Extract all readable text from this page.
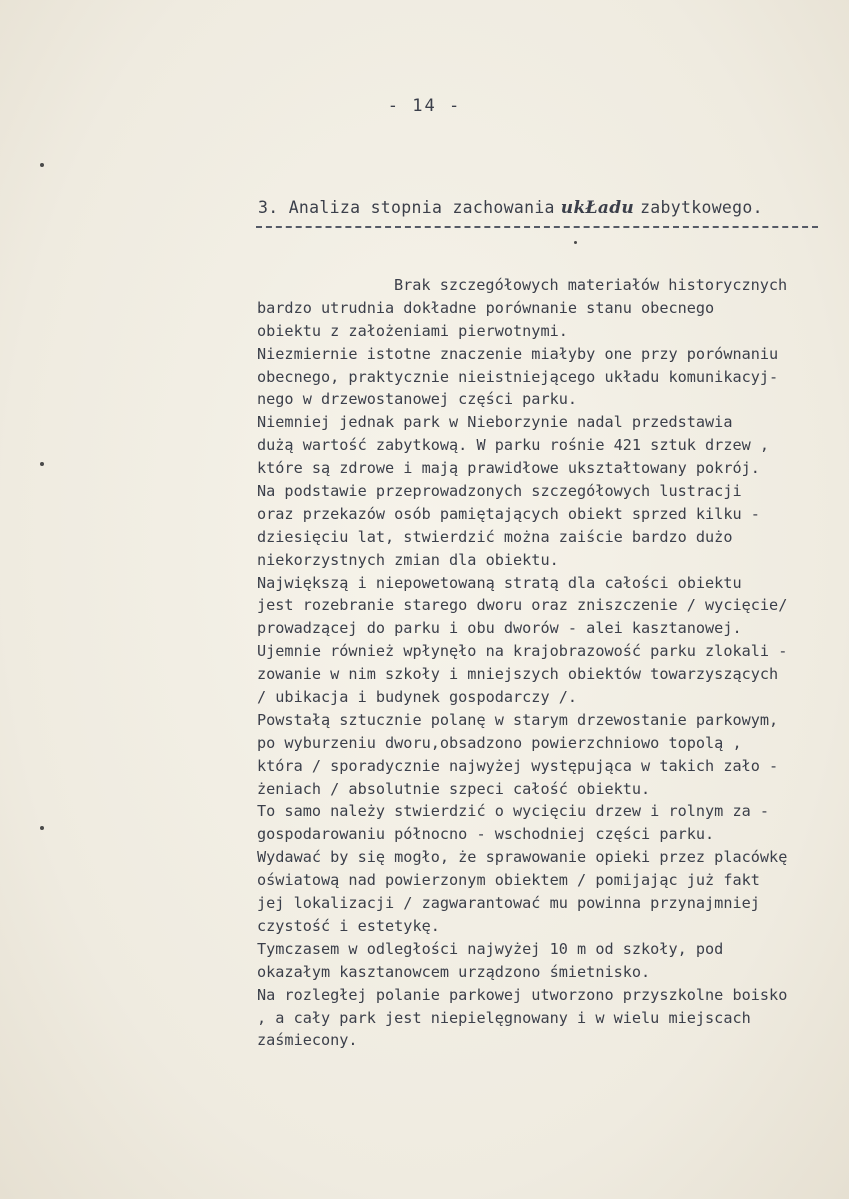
- 14 -
3. Analiza stopnia zachowania ukŁadu zabytkowego.
Brak szczegółowych materiałów historycznych
bardzo utrudnia dokładne porównanie stanu obecnego
obiektu z założeniami pierwotnymi.
Niezmiernie istotne znaczenie miałyby one przy porównaniu
obecnego, praktycznie nieistniejącego układu komunikacyj-
nego w drzewostanowej części parku.
Niemniej jednak park w Nieborzynie nadal przedstawia
dużą wartość zabytkową. W parku rośnie 421 sztuk drzew ,
które są zdrowe i mają prawidłowe ukształtowany pokrój.
Na podstawie przeprowadzonych szczegółowych lustracji
oraz przekazów osób pamiętających obiekt sprzed kilku -
dziesięciu lat, stwierdzić można zaiście bardzo dużo
niekorzystnych zmian dla obiektu.
Największą i niepowetowaną stratą dla całości obiektu
jest rozebranie starego dworu oraz zniszczenie / wycięcie/
prowadzącej do parku i obu dworów - alei kasztanowej.
Ujemnie również wpłynęło na krajobrazowość parku zlokali -
zowanie w nim szkoły i mniejszych obiektów towarzyszących
/ ubikacja i budynek gospodarczy /.
Powstałą sztucznie polanę w starym drzewostanie parkowym,
po wyburzeniu dworu,obsadzono powierzchniowo topolą ,
która / sporadycznie najwyżej występująca w takich zało -
żeniach / absolutnie szpeci całość obiektu.
To samo należy stwierdzić o wycięciu drzew i rolnym za -
gospodarowaniu północno - wschodniej części parku.
Wydawać by się mogło, że sprawowanie opieki przez placówkę
oświatową nad powierzonym obiektem / pomijając już fakt
jej lokalizacji / zagwarantować mu powinna przynajmniej
czystość i estetykę.
Tymczasem w odległości najwyżej 10 m od szkoły, pod
okazałym kasztanowcem urządzono śmietnisko.
Na rozległej polanie parkowej utworzono przyszkolne boisko
, a cały park jest niepielęgnowany i w wielu miejscach
zaśmiecony.
